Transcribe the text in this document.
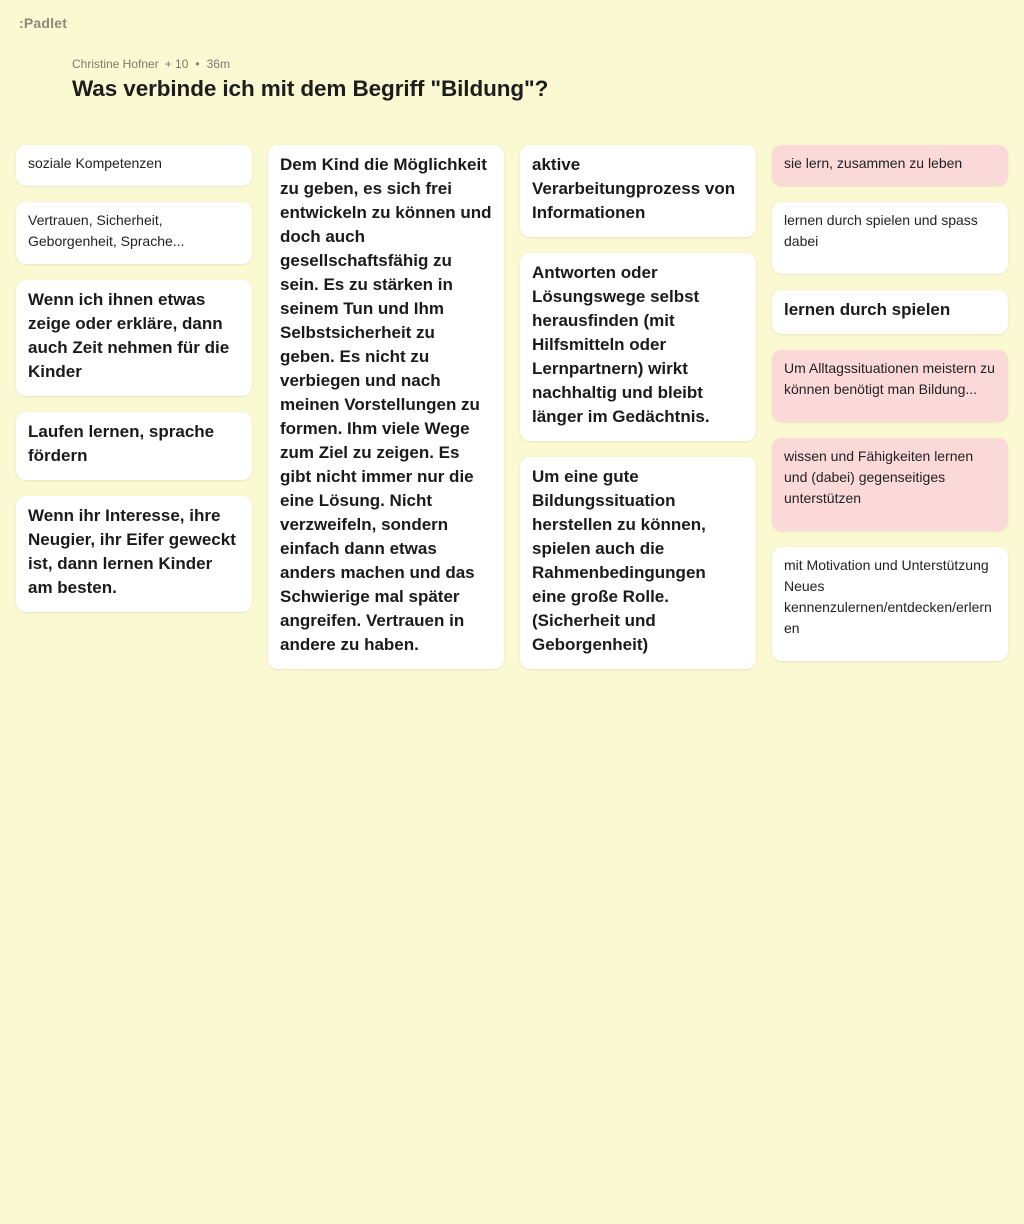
:Padlet
Christine Hofner + 10 • 36m
Was verbinde ich mit dem Begriff "Bildung"?
soziale Kompetenzen
Vertrauen, Sicherheit, Geborgenheit, Sprache...
Wenn ich ihnen etwas zeige oder erkläre, dann auch Zeit nehmen für die Kinder
Laufen lernen, sprache fördern
Wenn ihr Interesse, ihre Neugier, ihr Eifer geweckt ist, dann lernen Kinder am besten.
Dem Kind die Möglichkeit zu geben, es sich frei entwickeln zu können und doch auch gesellschaftsfähig zu sein. Es zu stärken in seinem Tun und Ihm Selbstsicherheit zu geben. Es nicht zu verbiegen und nach meinen Vorstellungen zu formen. Ihm viele Wege zum Ziel zu zeigen. Es gibt nicht immer nur die eine Lösung. Nicht verzweifeln, sondern einfach dann etwas anders machen und das Schwierige mal später angreifen. Vertrauen in andere zu haben.
aktive Verarbeitungprozess von Informationen
Antworten oder Lösungswege selbst herausfinden (mit Hilfsmitteln oder Lernpartnern) wirkt nachhaltig und bleibt länger im Gedächtnis.
Um eine gute Bildungssituation herstellen zu können, spielen auch die Rahmenbedingungen eine große Rolle. (Sicherheit und Geborgenheit)
sie lern, zusammen zu leben
lernen durch spielen und spass dabei
lernen durch spielen
Um Alltagssituationen meistern zu können benötigt man Bildung...
wissen und Fähigkeiten lernen und (dabei) gegenseitiges unterstützen
mit Motivation und Unterstützung Neues kennenzulernen/entdecken/erlernen
